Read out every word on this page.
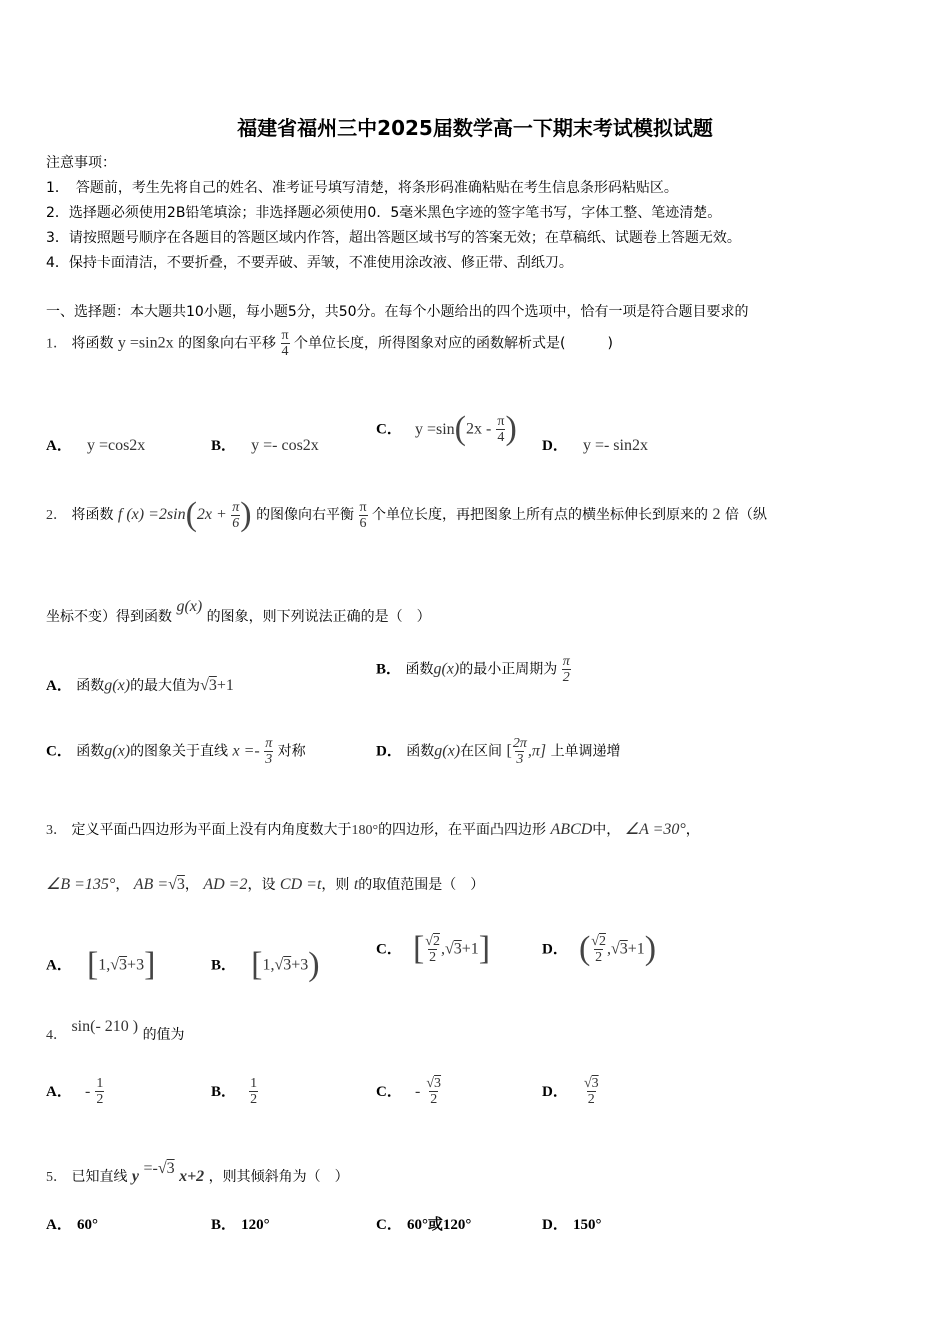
福建省福州三中2025届数学高一下期末考试模拟试题
注意事项：
1．　答题前，考生先将自己的姓名、准考证号填写清楚，将条形码准确粘贴在考生信息条形码粘贴区。
2．选择题必须使用2B铅笔填涂；非选择题必须使用0．5毫米黑色字迹的签字笔书写，字体工整、笔迹清楚。
3．请按照题号顺序在各题目的答题区域内作答，超出答题区域书写的答案无效；在草稿纸、试题卷上答题无效。
4．保持卡面清洁，不要折叠，不要弄破、弄皱，不准使用涂改液、修正带、刮纸刀。
一、选择题：本大题共10小题，每小题5分，共50分。在每个小题给出的四个选项中，恰有一项是符合题目要求的
1． 将函数 y =sin2x 的图象向右平移 $\frac{\pi}{4}$ 个单位长度，所得图象对应的函数解析式是(　　　)
A． y =cos2x	B． y =- cos2x
C． $y =\sin(2x - \frac{\pi}{4}$ ) D． y =- sin2x
2． 将函数 f $(x) =2\sin(2x + \frac{\pi}{6}$ ) 的图像向右平衡 $\frac{\pi}{6}$ 个单位长度，再把图象上所有点的横坐标伸长到原来的 2 倍（纵
坐标不变）得到函数 g(x) 的图象，则下列说法正确的是（　）
A． 函数g(x)的最大值为√3+1
B． 函数g(x)的最小正周期为 $\frac{\pi}{2}$
C． 函数g(x)的图象关于直线 $x =- \frac{\pi}{3}$ 对称	D． 函数g(x)在区间 [ $\frac{2\pi}{3} ,\pi$] 上单调递增
3． 定义平面凸四边形为平面上没有内角度数大于180°的四边形，在平面凸四边形 ABCD中， ∠A =30°，
∠B =135°， AB =√3， AD =2，设 CD =t，则 t的取值范围是（　）
A． [1,√3+3]	B． [1,√3+3)	C． [ $\frac{√2}{2} ,√3+1$]	D． ( $\frac{√2}{2} ,√3+1$)
4． sin(- 210 ) 的值为
A． - $\frac{1}{2}$	B． $\frac{1}{2}$	C． - $\frac{√3}{2}$	D． $\frac{√3}{2}$
5． 已知直线 y =-√3 x+2 ，则其倾斜角为（　）
A． 60°	B． 120°	C． 60°或120°	D． 150°
